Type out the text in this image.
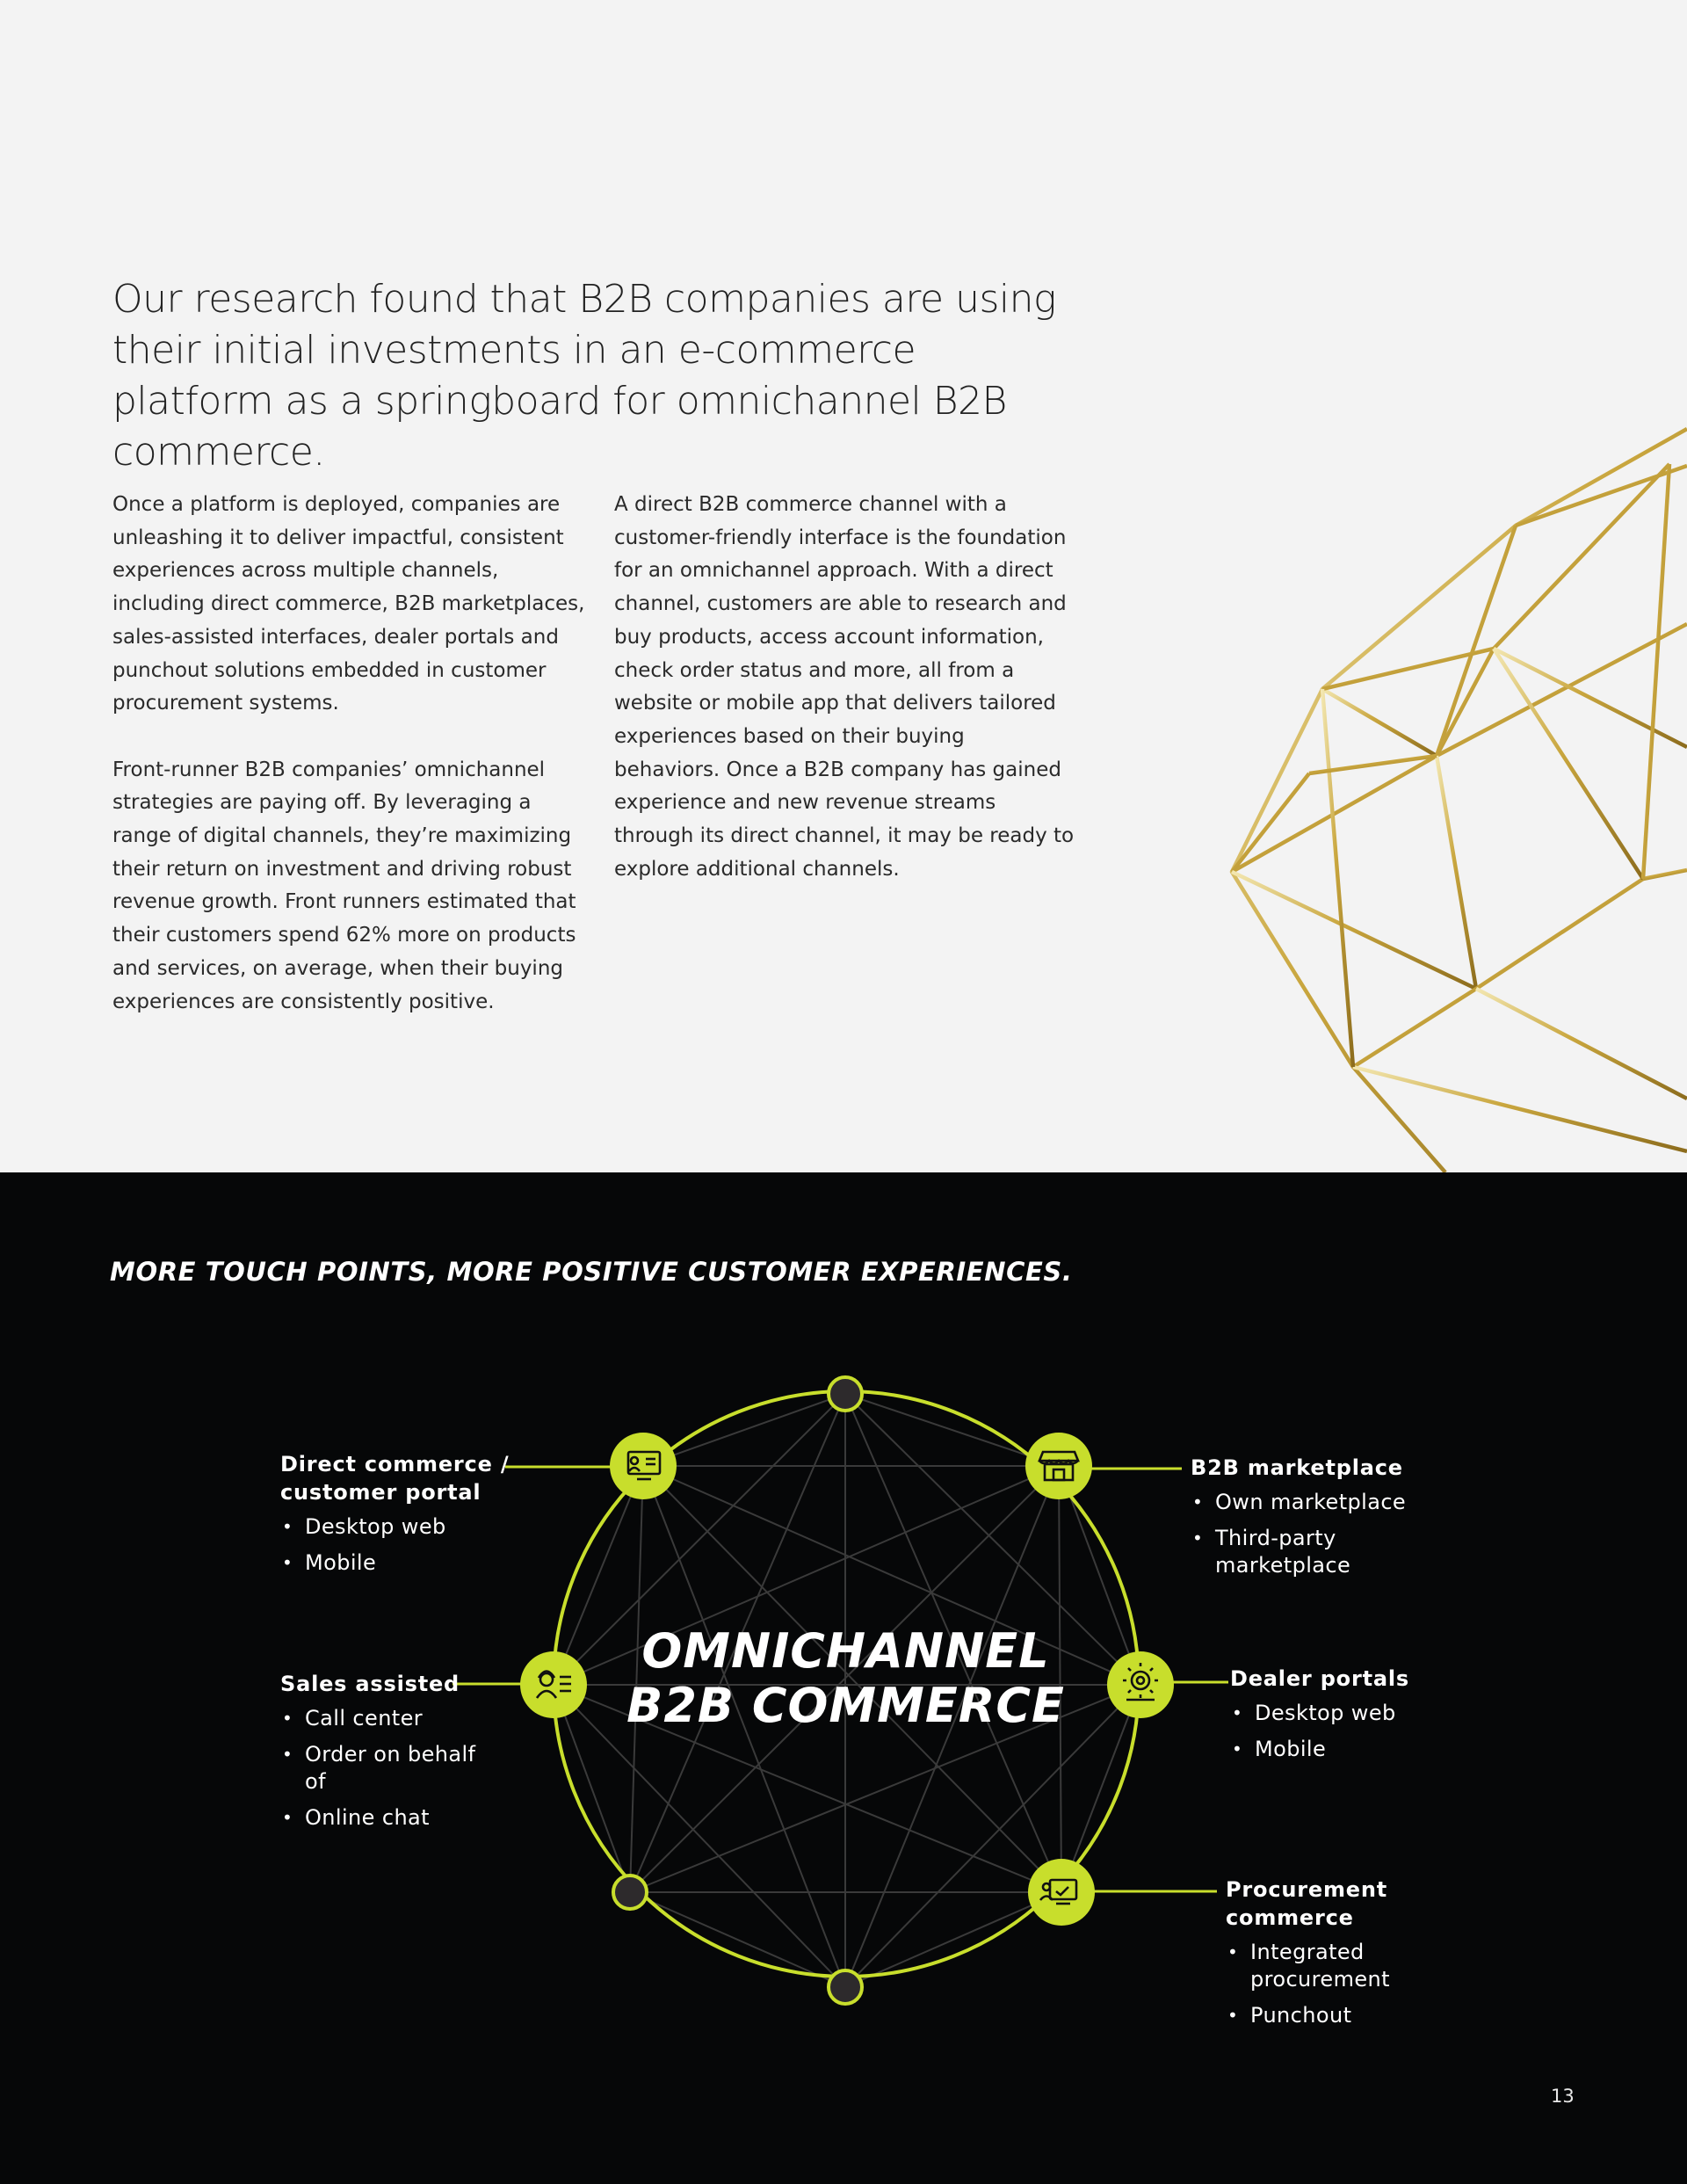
Our research found that B2B companies are using their initial investments in an e-commerce platform as a springboard for omnichannel B2B commerce.

Once a platform is deployed, companies are unleashing it to deliver impactful, consistent experiences across multiple channels, including direct commerce, B2B marketplaces, sales-assisted interfaces, dealer portals and punchout solutions embedded in customer procurement systems.

Front-runner B2B companies’ omnichannel strategies are paying off. By leveraging a range of digital channels, they’re maximizing their return on investment and driving robust revenue growth. Front runners estimated that their customers spend 62% more on products and services, on average, when their buying experiences are consistently positive.

A direct B2B commerce channel with a customer-friendly interface is the foundation for an omnichannel approach. With a direct channel, customers are able to research and buy products, access account information, check order status and more, all from a website or mobile app that delivers tailored experiences based on their buying behaviors. Once a B2B company has gained experience and new revenue streams through its direct channel, it may be ready to explore additional channels.

MORE TOUCH POINTS, MORE POSITIVE CUSTOMER EXPERIENCES.
OMNICHANNEL
B2B COMMERCE
Direct commerce / customer portal
• Desktop web
• Mobile
B2B marketplace
• Own marketplace
• Third-party marketplace
Sales assisted
• Call center
• Order on behalf of
• Online chat
Dealer portals
• Desktop web
• Mobile
Procurement commerce
• Integrated procurement
• Punchout
13
